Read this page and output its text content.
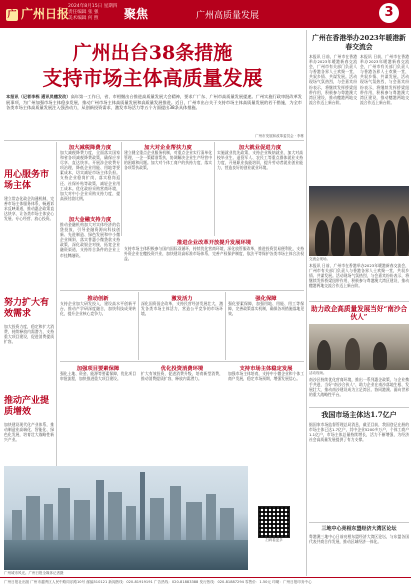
广 广州日报
2024年8月15日 星期四
责任编辑 张 强
美术编辑 何 煦	聚焦	广州高质量发展	3
广州出台38条措施
支持市场主体高质量发展
本报讯（记者李栋 通讯员穗发改）高年第一工作日，省、市相继出台推进高质量发展大会精神，要求广广东、广州市高质量发展提速。广州实施行政审批改革发展事项，为广州加强市场主体稳步发展，推动广州市场主体高质量发展和高质量发展推进。近日，广州市出台关于支持市场主体高质量发展的若干措施，为全市各类市场主体高质量发展注入强劲动力，从创新投资需求、激发市场活力等五个方面提出38条具体措施。
广州市发展和改革委员会 · 李栋
用心服务市场主体
建立常态化政企沟通机制，完善市场主体服务体系，畅通诉求反映渠道，推动惠企政策直达快享，让各类市场主体安心发展、专心经营、放心投资。
努力扩大有效需求
加大投资力度，稳定和扩大消费，持续释放内需潜力，支持重大项目建设，促进消费提质扩容。
推动产业提质增效
加快建设现代化产业体系，推动制造业高端化、智能化、绿色化发展，培育壮大战略性新兴产业。
加大减税降费力度
加大减税降费力度，全面落实国家和省各项减税降费政策，确保应享尽享、直达快享。开展涉企收费专项治理，降低企业用能、用地等要素成本，切实减轻市场主体负担。支持企业稳岗扩岗，落实稳岗返还、社保补贴等政策，减轻企业用工成本。优化政府采购营商环境，加大对中小企业采购支持力度，提高预付款比例。
加大金融支持力度
推动金融机构加大对实体经济的信贷投放，引导金融资源向科技创新、先进制造、绿色发展和中小微企业倾斜，落实普惠小微贷款支持政策，深化政银企对接，拓宽企业融资渠道，支持符合条件的企业上市挂牌融资。
加大对企业帮扶力度
建立健全重点企业服务机制，对重点企业实行清单化管理，一企一策精准帮扶，协调解决企业生产经营中的困难和问题。加大对个体工商户的扶持力度，落实各项帮扶政策。
加大就业促进力度
实施就业优先政策，支持企业吸纳就业，加大对高校毕业生、退役军人、农民工等重点群体就业支持力度，开展职业技能培训，提升劳动者就业创业能力，营造良好的创业就业环境。
推进企业改革开放提升发展环境
支持市场主体积极参与国内国际双循环，持续优化营商环境，深化放管服改革，推进投资贸易便利化，支持外资企业在穗投资兴业，加快建设高标准市场体系，完善产权保护制度，依法平等保护各类市场主体合法权益。
推动创新
支持企业加大研发投入，建设高水平创新平台，推动产学研深度融合，加快科技成果转化，提升企业核心竞争力。
激发活力
深化国资国企改革，支持民营经济发展壮大，激发各类市场主体活力，营造公平竞争的市场环境。
强化保障
强化要素保障，加强用地、用能、用工等保障，完善政策落实机制，确保各项措施落地见效。
加强项目要素保障
强化土地、资金、能源等要素保障，优化项目审批流程，加快推进重大项目建设。
优化投资消费环境
扩大有效投资，促进消费升级，培育新型消费，推动消费提质扩容，释放内需潜力。
支持市场主体稳定发展
加强市场主体培育，支持中小微企业和个体工商户发展，稳定市场预期，增强发展信心。
广州城市风光。广州日报全媒体记者摄
扫码看更多
广州在香港举办2023年暖港新春交流会
本报讯 日前，广州市在香港举办2023年暖港新春交流会，广州市有关部门负责人与香港各界人士欢聚一堂，共叙乡情、共谋发展。活动现场气氛热烈，与会嘉宾纷纷表示，将继续发挥桥梁纽带作用，积极参与粤港澳大湾区建设，推动穗港两地交流合作迈上新台阶。
本报讯 日前，广州市在香港举办2023年暖港新春交流会，广州市有关部门负责人与香港各界人士欢聚一堂，共叙乡情、共谋发展。活动现场气氛热烈，与会嘉宾纷纷表示，将继续发挥桥梁纽带作用，积极参与粤港澳大湾区建设，推动穗港两地交流合作迈上新台阶。
交流会现场。
本报讯 日前，广州市在香港举办2023年暖港新春交流会，广州市有关部门负责人与香港各界人士欢聚一堂，共叙乡情、共谋发展。活动现场气氛热烈，与会嘉宾纷纷表示，将继续发挥桥梁纽带作用，积极参与粤港澳大湾区建设，推动穗港两地交流合作迈上新台阶。
助力政企高质量发展当好“南沙合伙人”
活动现场。
南沙区持续优化营商环境，推出一系列惠企政策，与企业携手共进，当好“南沙合伙人”，助力企业在南沙落地生根、发展壮大，推动南沙建设成为立足湾区、协同港澳、面向世界的重大战略性平台。
我国市场主体达1.7亿户
据国家市场监督管理总局消息，截至目前，我国登记在册的市场主体已达1.7亿户，其中企业5200多万户，个体工商户1.1亿户，市场主体总量持续增长，活力不断增强，为经济社会高质量发展提供了有力支撑。
三地中心亮相东盟经济大湾区论坛
粤港澳三地中心日前亮相东盟经济大湾区论坛，与东盟各国代表共商合作发展，推动区域经济一体化。
广州日报社出版 广州市越秀区人民中路同乐路10号 邮编510121 新闻热线：020-81919191 广告热线：020-81883388 发行热线：020-81887294 零售价：1.50元 印刷：广州日报印务中心
